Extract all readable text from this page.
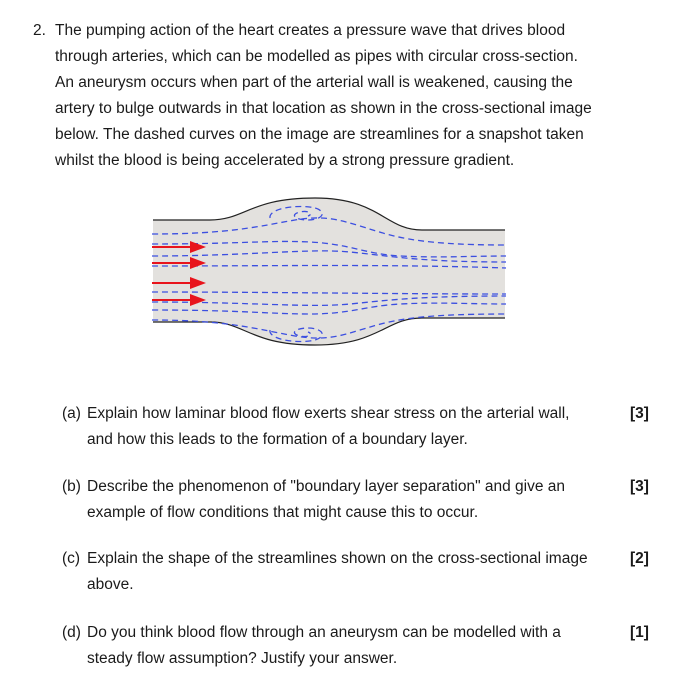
2. The pumping action of the heart creates a pressure wave that drives blood
through arteries, which can be modelled as pipes with circular cross-section.
An aneurysm occurs when part of the arterial wall is weakened, causing the
artery to bulge outwards in that location as shown in the cross-sectional image
below. The dashed curves on the image are streamlines for a snapshot taken
whilst the blood is being accelerated by a strong pressure gradient.
(a) Explain how laminar blood flow exerts shear stress on the arterial wall,
and how this leads to the formation of a boundary layer.
[3]
(b) Describe the phenomenon of "boundary layer separation" and give an
example of flow conditions that might cause this to occur.
[3]
(c) Explain the shape of the streamlines shown on the cross-sectional image
above.
[2]
(d) Do you think blood flow through an aneurysm can be modelled with a
steady flow assumption? Justify your answer.
[1]
